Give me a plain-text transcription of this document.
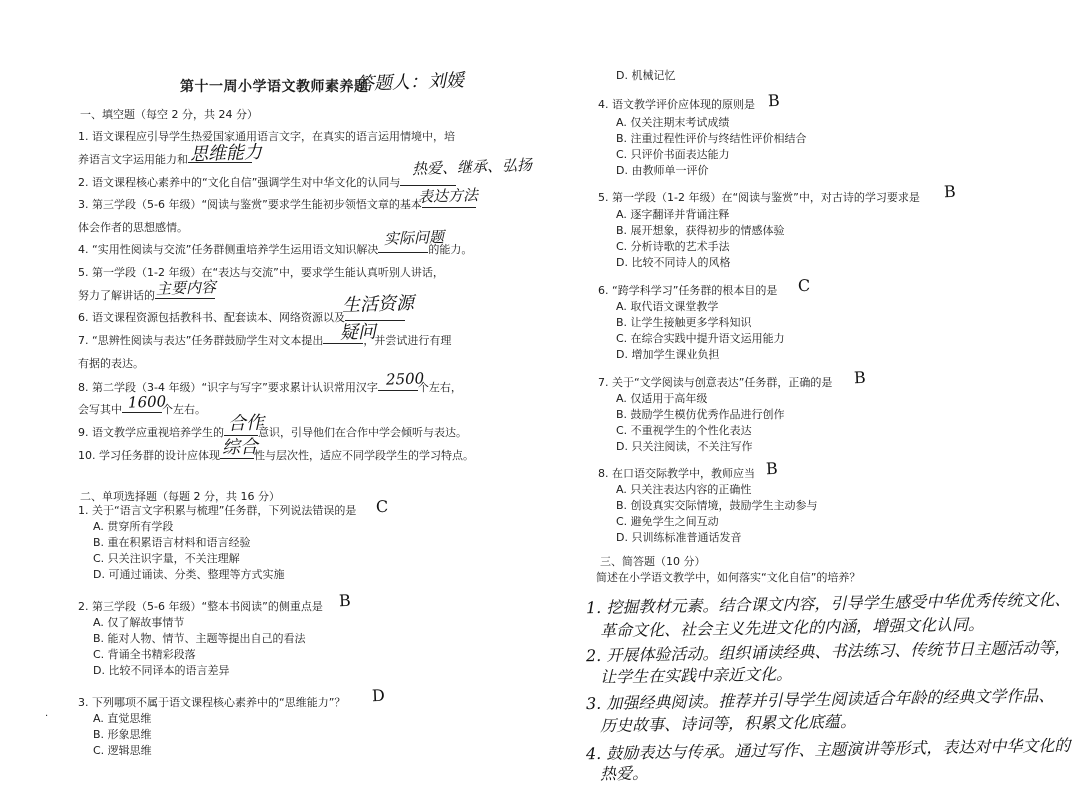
第十一周小学语文教师素养题
答题人：刘媛
一、填空题（每空 2 分，共 24 分）
1. 语文课程应引导学生热爱国家通用语言文字，在真实的语言运用情境中，培
养语言文字运用能力和 思维能力
2. 语文课程核心素养中的“文化自信”强调学生对中华文化的认同与
热爱、继承、弘扬
3. 第三学段（5-6 年级）“阅读与鉴赏”要求学生能初步领悟文章的基本
表达方法
体会作者的思想感情。
4. “实用性阅读与交流”任务群侧重培养学生运用语文知识解决	的能力。
实际问题
5. 第一学段（1-2 年级）在“表达与交流”中，要求学生能认真听别人讲话，
努力了解讲话的 主要内容
6. 语文课程资源包括教科书、配套读本、网络资源以及
生活资源
7. “思辨性阅读与表达”任务群鼓励学生对文本提出	，并尝试进行有理
疑问
有据的表达。
8. 第二学段（3-4 年级）“识字与写字”要求累计认识常用汉字	个左右，
2500
会写其中	个左右。
1600
9. 语文教学应重视培养学生的	意识，引导他们在合作中学会倾听与表达。
合作
10. 学习任务群的设计应体现	性与层次性，适应不同学段学生的学习特点。
综合
二、单项选择题（每题 2 分，共 16 分）
1. 关于“语言文字积累与梳理”任务群，下列说法错误的是 C
A. 贯穿所有学段
B. 重在积累语言材料和语言经验
C. 只关注识字量，不关注理解
D. 可通过诵读、分类、整理等方式实施
2. 第三学段（5-6 年级）“整本书阅读”的侧重点是 B
A. 仅了解故事情节
B. 能对人物、情节、主题等提出自己的看法
C. 背诵全书精彩段落
D. 比较不同译本的语言差异
3. 下列哪项不属于语文课程核心素养中的“思维能力”？ D
A. 直觉思维
B. 形象思维
C. 逻辑思维
·
D. 机械记忆
4. 语文教学评价应体现的原则是 B
A. 仅关注期末考试成绩
B. 注重过程性评价与终结性评价相结合
C. 只评价书面表达能力
D. 由教师单一评价
5. 第一学段（1-2 年级）在“阅读与鉴赏”中，对古诗的学习要求是 B
A. 逐字翻译并背诵注释
B. 展开想象，获得初步的情感体验
C. 分析诗歌的艺术手法
D. 比较不同诗人的风格
6. “跨学科学习”任务群的根本目的是 C
A. 取代语文课堂教学
B. 让学生接触更多学科知识
C. 在综合实践中提升语文运用能力
D. 增加学生课业负担
7. 关于“文学阅读与创意表达”任务群，正确的是 B
A. 仅适用于高年级
B. 鼓励学生模仿优秀作品进行创作
C. 不重视学生的个性化表达
D. 只关注阅读，不关注写作
8. 在口语交际教学中，教师应当 B
A. 只关注表达内容的正确性
B. 创设真实交际情境，鼓励学生主动参与
C. 避免学生之间互动
D. 只训练标准普通话发音
三、简答题（10 分）
简述在小学语文教学中，如何落实“文化自信”的培养？
1. 挖掘教材元素。结合课文内容，引导学生感受中华优秀传统文化、
革命文化、社会主义先进文化的内涵，增强文化认同。
2. 开展体验活动。组织诵读经典、书法练习、传统节日主题活动等，
让学生在实践中亲近文化。
3. 加强经典阅读。推荐并引导学生阅读适合年龄的经典文学作品、
历史故事、诗词等，积累文化底蕴。
4. 鼓励表达与传承。通过写作、主题演讲等形式，表达对中华文化的
热爱。
